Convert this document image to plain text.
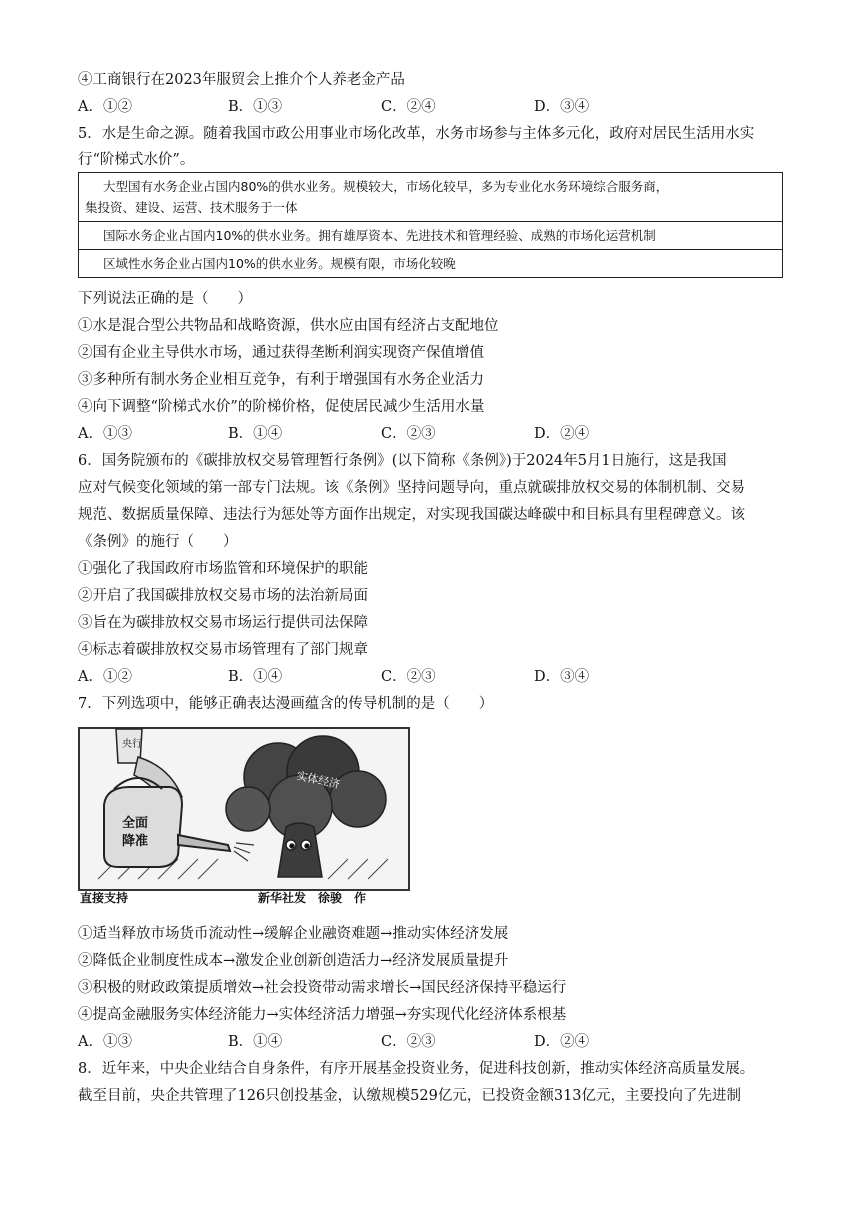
④工商银行在2023年服贸会上推介个人养老金产品
A．①②	B．①③	C．②④	D．③④
5．水是生命之源。随着我国市政公用事业市场化改革，水务市场参与主体多元化，政府对居民生活用水实
行“阶梯式水价”。
大型国有水务企业占国内80%的供水业务。规模较大，市场化较早，多为专业化水务环境综合服务商，
集投资、建设、运营、技术服务于一体
国际水务企业占国内10%的供水业务。拥有雄厚资本、先进技术和管理经验、成熟的市场化运营机制
区域性水务企业占国内10%的供水业务。规模有限，市场化较晚
下列说法正确的是（　　）
①水是混合型公共物品和战略资源，供水应由国有经济占支配地位
②国有企业主导供水市场，通过获得垄断利润实现资产保值增值
③多种所有制水务企业相互竞争，有利于增强国有水务企业活力
④向下调整“阶梯式水价”的阶梯价格，促使居民减少生活用水量
A．①③	B．①④	C．②③	D．②④
6．国务院颁布的《碳排放权交易管理暂行条例》(以下简称《条例》)于2024年5月1日施行，这是我国
应对气候变化领域的第一部专门法规。该《条例》坚持问题导向，重点就碳排放权交易的体制机制、交易
规范、数据质量保障、违法行为惩处等方面作出规定，对实现我国碳达峰碳中和目标具有里程碑意义。该
《条例》的施行（　　）
①强化了我国政府市场监管和环境保护的职能
②开启了我国碳排放权交易市场的法治新局面
③旨在为碳排放权交易市场运行提供司法保障
④标志着碳排放权交易市场管理有了部门规章
A．①②	B．①④	C．②③	D．③④
7．下列选项中，能够正确表达漫画蕴含的传导机制的是（　　）
实体经济
央行
全面
降准
直接支持	新华社发　徐骏　作
①适当释放市场货币流动性→缓解企业融资难题→推动实体经济发展
②降低企业制度性成本→激发企业创新创造活力→经济发展质量提升
③积极的财政政策提质增效→社会投资带动需求增长→国民经济保持平稳运行
④提高金融服务实体经济能力→实体经济活力增强→夯实现代化经济体系根基
A．①③	B．①④	C．②③	D．②④
8．近年来，中央企业结合自身条件，有序开展基金投资业务，促进科技创新，推动实体经济高质量发展。
截至目前，央企共管理了126只创投基金，认缴规模529亿元，已投资金额313亿元，主要投向了先进制
